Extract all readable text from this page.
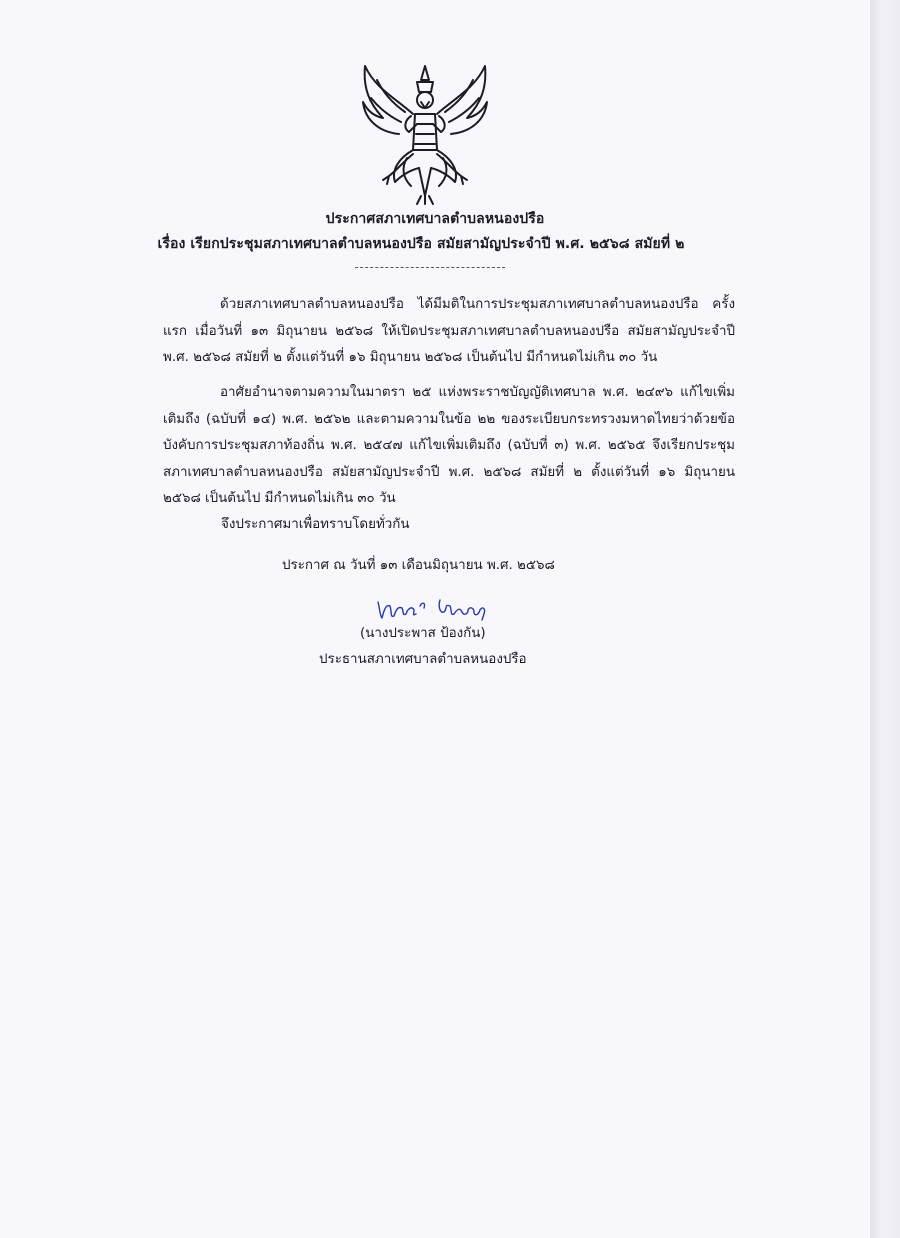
ประกาศสภาเทศบาลตำบลหนองปรือ
เรื่อง เรียกประชุมสภาเทศบาลตำบลหนองปรือ สมัยสามัญประจำปี พ.ศ. ๒๕๖๘ สมัยที่ ๒
ด้วยสภาเทศบาลตำบลหนองปรือ ได้มีมติในการประชุมสภาเทศบาลตำบลหนองปรือ ครั้งแรก เมื่อวันที่ ๑๓ มิถุนายน ๒๕๖๘ ให้เปิดประชุมสภาเทศบาลตำบลหนองปรือ สมัยสามัญประจำปี พ.ศ. ๒๕๖๘ สมัยที่ ๒ ตั้งแต่วันที่ ๑๖ มิถุนายน ๒๕๖๘ เป็นต้นไป มีกำหนดไม่เกิน ๓๐ วัน
อาศัยอำนาจตามความในมาตรา ๒๕ แห่งพระราชบัญญัติเทศบาล พ.ศ. ๒๔๙๖ แก้ไขเพิ่มเติมถึง (ฉบับที่ ๑๔) พ.ศ. ๒๕๖๒ และตามความในข้อ ๒๒ ของระเบียบกระทรวงมหาดไทยว่าด้วยข้อบังคับการประชุมสภาท้องถิ่น พ.ศ. ๒๕๔๗ แก้ไขเพิ่มเติมถึง (ฉบับที่ ๓) พ.ศ. ๒๕๖๕ จึงเรียกประชุมสภาเทศบาลตำบลหนองปรือ สมัยสามัญประจำปี พ.ศ. ๒๕๖๘ สมัยที่ ๒ ตั้งแต่วันที่ ๑๖ มิถุนายน ๒๕๖๘ เป็นต้นไป มีกำหนดไม่เกิน ๓๐ วัน
จึงประกาศมาเพื่อทราบโดยทั่วกัน
ประกาศ ณ วันที่ ๑๓ เดือนมิถุนายน พ.ศ. ๒๕๖๘
(นางประพาส ป้องกัน)
ประธานสภาเทศบาลตำบลหนองปรือ
